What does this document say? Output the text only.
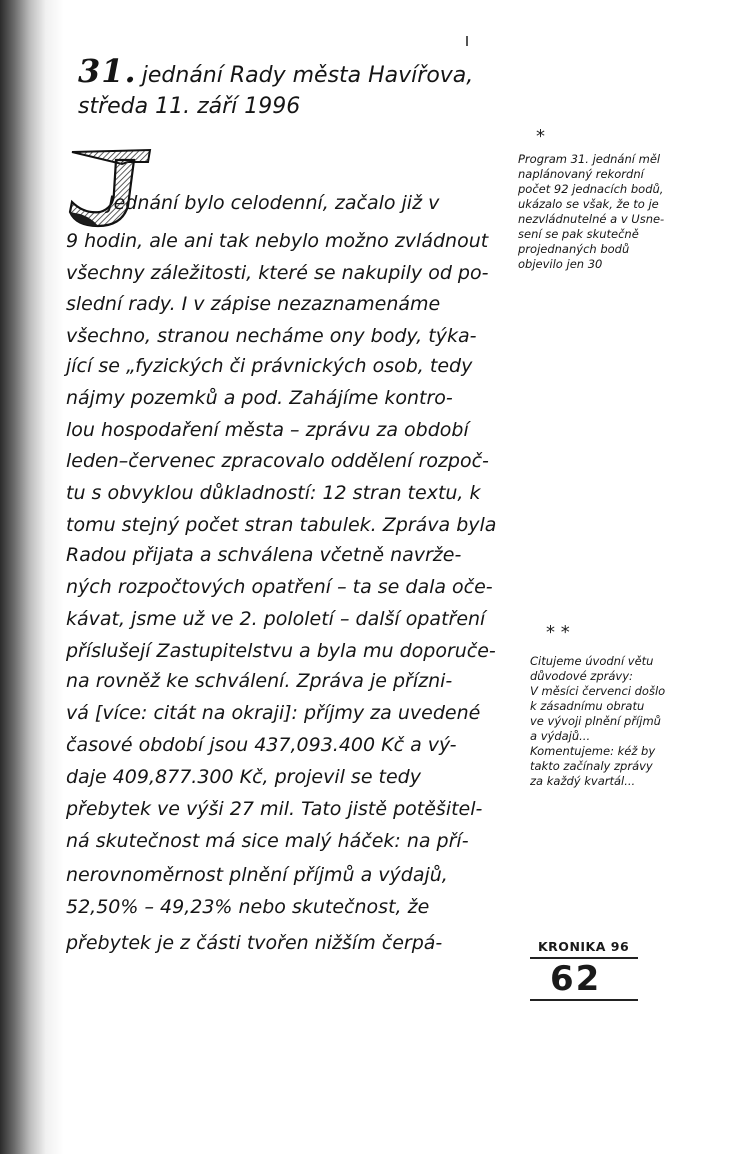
31. jednání Rady města Havířova,
středa 11. září 1996
Jednání bylo celodenní, začalo již v
9 hodin, ale ani tak nebylo možno zvládnout
všechny záležitosti, které se nakupily od po-
slední rady. I v zápise nezaznamenáme
všechno, stranou necháme ony body, týka-
jící se „fyzických či právnických osob, tedy
nájmy pozemků a pod. Zahájíme kontro-
lou hospodaření města – zprávu za období
leden–červenec zpracovalo oddělení rozpoč-
tu s obvyklou důkladností: 12 stran textu, k
tomu stejný počet stran tabulek. Zpráva byla
Radou přijata a schválena včetně navrže-
ných rozpočtových opatření – ta se dala oče-
kávat, jsme už ve 2. pololetí – další opatření
příslušejí Zastupitelstvu a byla mu doporuče-
na rovněž ke schválení. Zpráva je přízni-
vá [více: citát na okraji]: příjmy za uvedené
časové období jsou 437,093.400 Kč a vý-
daje 409,877.300 Kč, projevil se tedy
přebytek ve výši 27 mil. Tato jistě potěšitel-
ná skutečnost má sice malý háček: na pří-
nerovnoměrnost plnění příjmů a výdajů,
52,50% – 49,23% nebo skutečnost, že
přebytek je z části tvořen nižším čerpá-
*
Program 31. jednání měl
naplánovaný rekordní
počet 92 jednacích bodů,
ukázalo se však, že to je
nezvládnutelné a v Usne-
sení se pak skutečně
projednaných bodů
objevilo jen 30
* *
Citujeme úvodní větu
důvodové zprávy:
V měsíci červenci došlo
k zásadnímu obratu
ve vývoji plnění příjmů
a výdajů...
Komentujeme: kéž by
takto začínaly zprávy
za každý kvartál...
KRONIKA 96
62
